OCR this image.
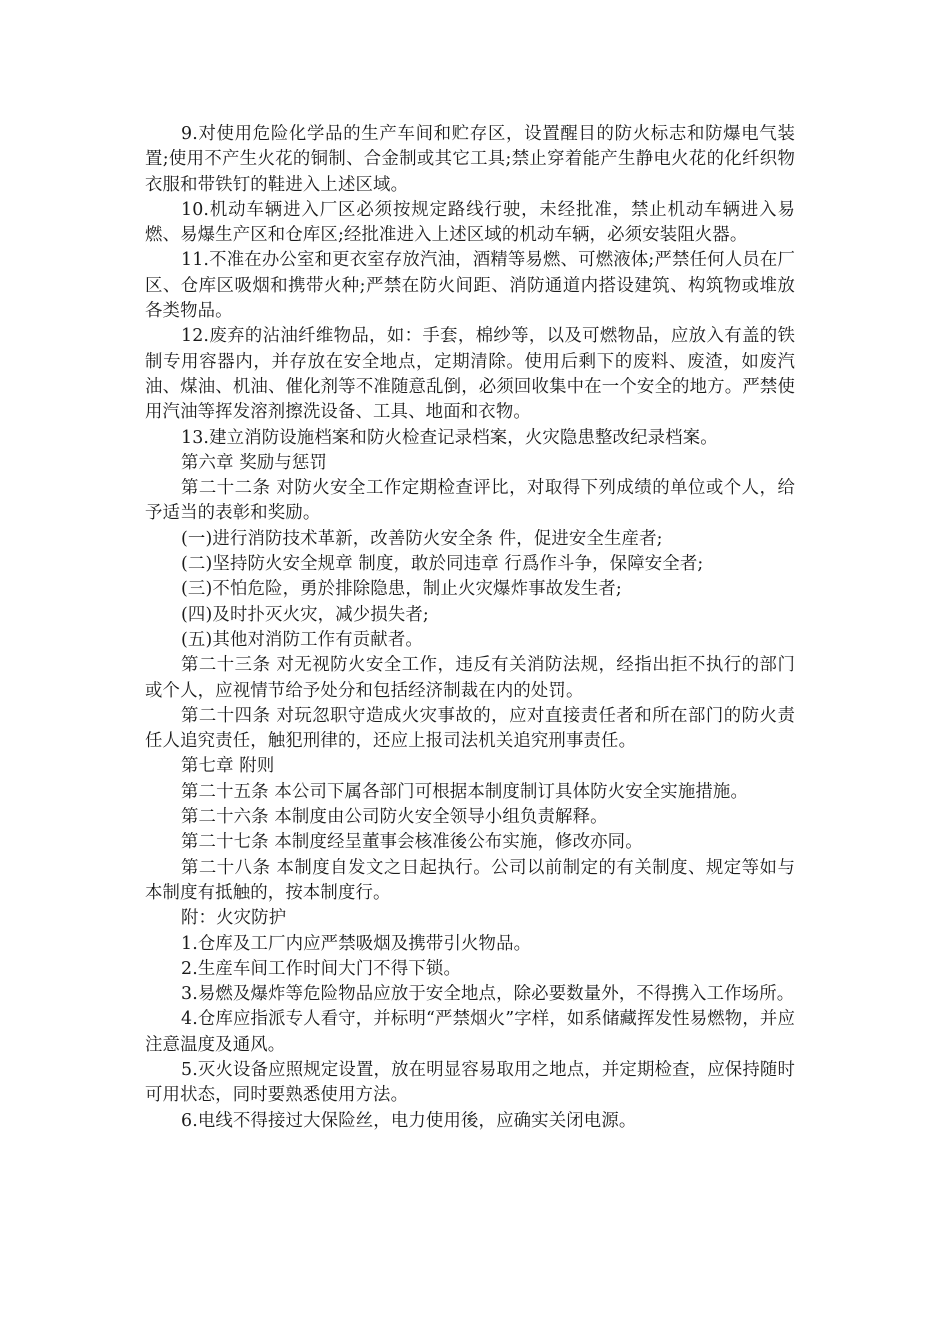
9.对使用危险化学品的生产车间和贮存区，设置醒目的防火标志和防爆电气装置;使用不产生火花的铜制、合金制或其它工具;禁止穿着能产生静电火花的化纤织物衣服和带铁钉的鞋进入上述区域。

10.机动车辆进入厂区必须按规定路线行驶，未经批准，禁止机动车辆进入易燃、易爆生产区和仓库区;经批准进入上述区域的机动车辆，必须安装阻火器。

11.不准在办公室和更衣室存放汽油，酒精等易燃、可燃液体;严禁任何人员在厂区、仓库区吸烟和携带火种;严禁在防火间距、消防通道内搭设建筑、构筑物或堆放各类物品。

12.废弃的沾油纤维物品，如：手套，棉纱等，以及可燃物品，应放入有盖的铁制专用容器内，并存放在安全地点，定期清除。使用后剩下的废料、废渣，如废汽油、煤油、机油、催化剂等不准随意乱倒，必须回收集中在一个安全的地方。严禁使用汽油等挥发溶剂擦洗设备、工具、地面和衣物。

13.建立消防设施档案和防火检查记录档案，火灾隐患整改纪录档案。

第六章 奖励与惩罚

第二十二条 对防火安全工作定期检查评比，对取得下列成绩的单位或个人，给予适当的表彰和奖励。

(一)进行消防技术革新，改善防火安全条 件，促进安全生産者;

(二)坚持防火安全规章 制度，敢於同违章 行爲作斗争，保障安全者;

(三)不怕危险，勇於排除隐患，制止火灾爆炸事故发生者;

(四)及时扑灭火灾，减少损失者;

(五)其他对消防工作有贡献者。

第二十三条 对无视防火安全工作，违反有关消防法规，经指出拒不执行的部门或个人，应视情节给予处分和包括经济制裁在内的处罚。

第二十四条 对玩忽职守造成火灾事故的，应对直接责任者和所在部门的防火责任人追究责任，触犯刑律的，还应上报司法机关追究刑事责任。

第七章 附则

第二十五条 本公司下属各部门可根据本制度制订具体防火安全实施措施。

第二十六条 本制度由公司防火安全领导小组负责解释。

第二十七条 本制度经呈董事会核准後公布实施，修改亦同。

第二十八条 本制度自发文之日起执行。公司以前制定的有关制度、规定等如与本制度有抵触的，按本制度行。

附：火灾防护

1.仓库及工厂内应严禁吸烟及携带引火物品。

2.生産车间工作时间大门不得下锁。

3.易燃及爆炸等危险物品应放于安全地点，除必要数量外，不得携入工作场所。

4.仓库应指派专人看守，并标明“严禁烟火”字样，如系储藏挥发性易燃物，并应注意温度及通风。

5.灭火设备应照规定设置，放在明显容易取用之地点，并定期检查，应保持随时可用状态，同时要熟悉使用方法。

6.电线不得接过大保险丝，电力使用後，应确实关闭电源。
